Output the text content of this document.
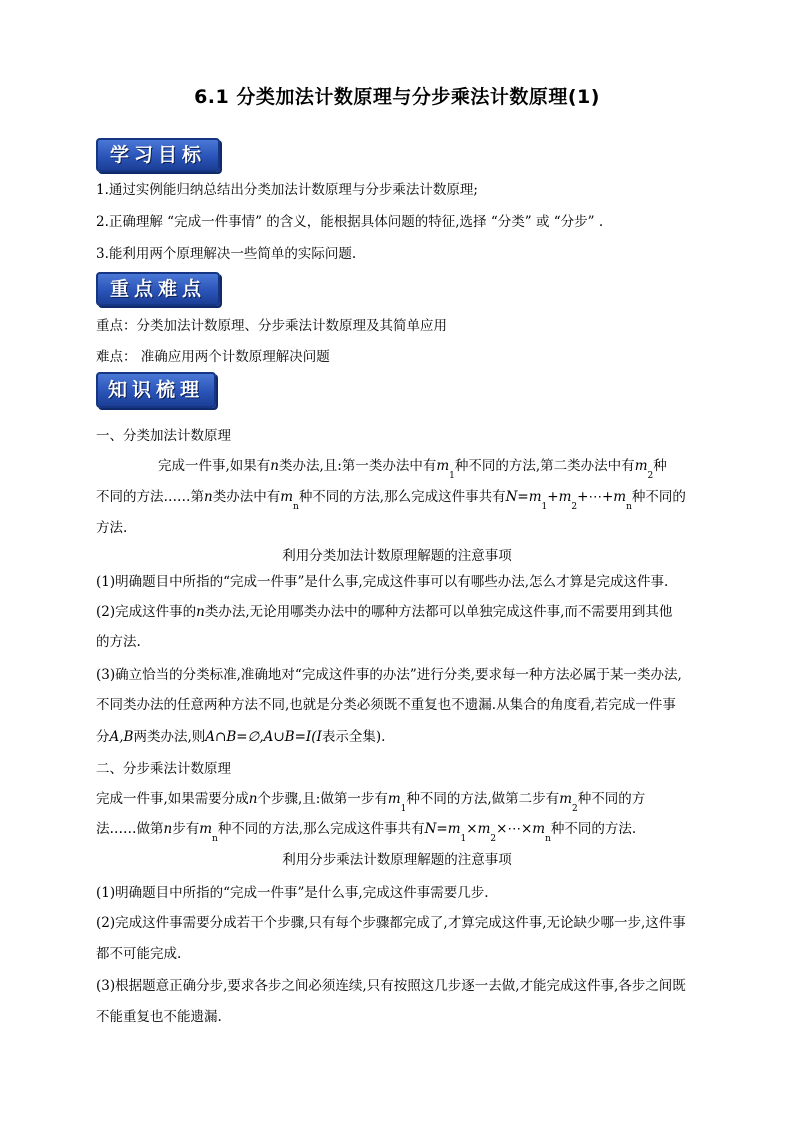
6.1 分类加法计数原理与分步乘法计数原理(1)
学习目标
1.通过实例能归纳总结出分类加法计数原理与分步乘法计数原理;
2.正确理解 “完成一件事情” 的含义，能根据具体问题的特征,选择 “分类” 或 “分步” .
3.能利用两个原理解决一些简单的实际问题.
重点难点
重点：分类加法计数原理、分步乘法计数原理及其简单应用
难点： 准确应用两个计数原理解决问题
知识梳理
一、分类加法计数原理
完成一件事,如果有n类办法,且:第一类办法中有$m_1$种不同的方法,第二类办法中有$m_2$种
不同的方法……第n类办法中有$m_n$种不同的方法,那么完成这件事共有$N=m_1+m_2+\cdots+m_n$种不同的
方法.
利用分类加法计数原理解题的注意事项
(1)明确题目中所指的“完成一件事”是什么事,完成这件事可以有哪些办法,怎么才算是完成这件事.
(2)完成这件事的n类办法,无论用哪类办法中的哪种方法都可以单独完成这件事,而不需要用到其他
的方法.
(3)确立恰当的分类标准,准确地对“完成这件事的办法”进行分类,要求每一种方法必属于某一类办法,
不同类办法的任意两种方法不同,也就是分类必须既不重复也不遗漏.从集合的角度看,若完成一件事
分A,B两类办法,则A∩B=∅,A∪B=I(I表示全集).
二、分步乘法计数原理
完成一件事,如果需要分成n个步骤,且:做第一步有$m_1$种不同的方法,做第二步有$m_2$种不同的方
法……做第n步有$m_n$种不同的方法,那么完成这件事共有$N=m_1\times m_2\times\cdots\times m_n$种不同的方法.
利用分步乘法计数原理解题的注意事项
(1)明确题目中所指的“完成一件事”是什么事,完成这件事需要几步.
(2)完成这件事需要分成若干个步骤,只有每个步骤都完成了,才算完成这件事,无论缺少哪一步,这件事
都不可能完成.
(3)根据题意正确分步,要求各步之间必须连续,只有按照这几步逐一去做,才能完成这件事,各步之间既
不能重复也不能遗漏.
